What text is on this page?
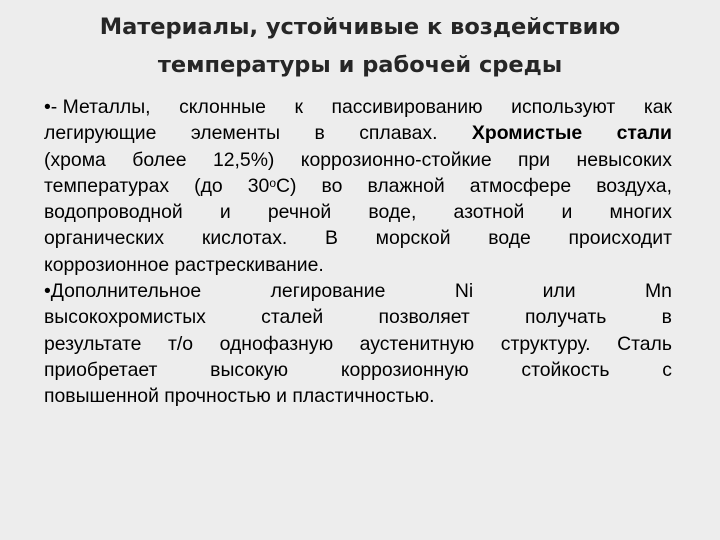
Материалы, устойчивые к воздействию
температуры и рабочей среды
•- Металлы, склонные к пассивированию используют как
легирующие элементы в сплавах. Хромистые стали
(хрома более 12,5%) коррозионно-стойкие при невысоких
температурах (до $30^оС$) во влажной атмосфере воздуха,
водопроводной и речной воде, азотной и многих
органических кислотах. В морской воде происходит
коррозионное растрескивание.
•Дополнительное	легирование	Ni	или	Mn
высокохромистых	сталей	позволяет	получать	в
результате т/о однофазную аустенитную структуру. Сталь
приобретает	высокую	коррозионную	стойкость	с
повышенной прочностью и пластичностью.
